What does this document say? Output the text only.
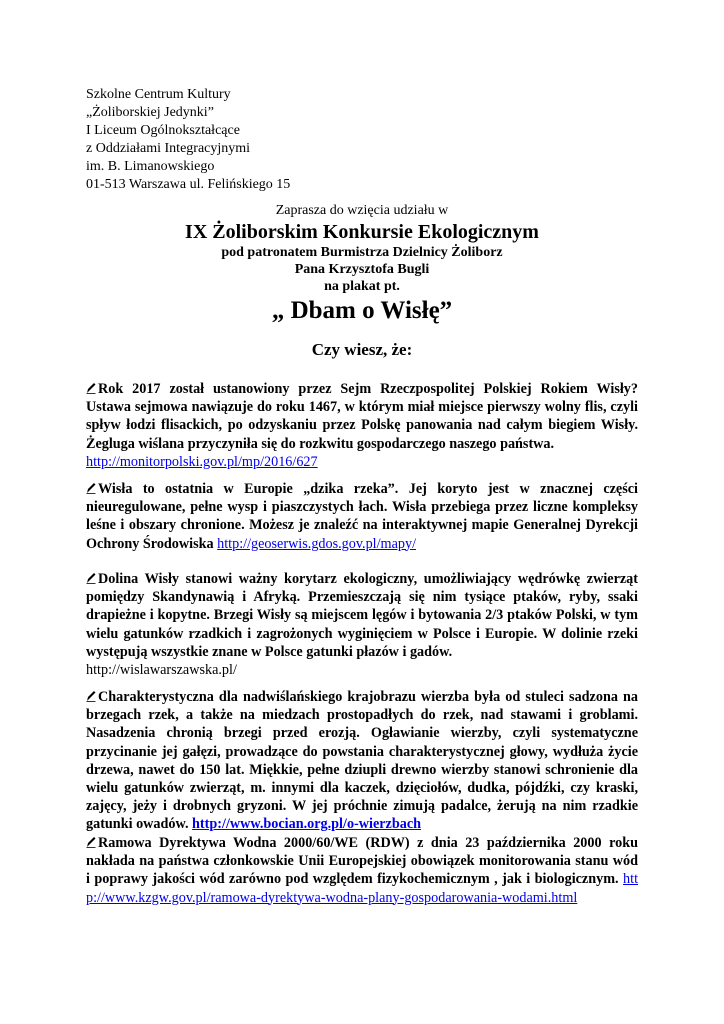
Szkolne Centrum Kultury
„Żoliborskiej Jedynki”
I Liceum Ogólnokształcące
z Oddziałami Integracyjnymi
im. B. Limanowskiego
01-513 Warszawa ul. Felińskiego 15
Zaprasza do wzięcia udziału w
IX Żoliborskim Konkursie Ekologicznym
pod patronatem Burmistrza Dzielnicy Żoliborz
Pana Krzysztofa Bugli
na plakat pt.
„ Dbam o Wisłę”
Czy wiesz, że:
Rok 2017 został ustanowiony przez Sejm Rzeczpospolitej Polskiej Rokiem Wisły? Ustawa sejmowa nawiązuje do roku 1467, w którym miał miejsce pierwszy wolny flis, czyli spływ łodzi flisackich, po odzyskaniu przez Polskę panowania nad całym biegiem Wisły. Żegluga wiślana przyczyniła się do rozkwitu gospodarczego naszego państwa.
http://monitorpolski.gov.pl/mp/2016/627
Wisła to ostatnia w Europie „dzika rzeka”. Jej koryto jest w znacznej części nieuregulowane, pełne wysp i piaszczystych łach. Wisła przebiega przez liczne kompleksy leśne i obszary chronione. Możesz je znaleźć na interaktywnej mapie Generalnej Dyrekcji Ochrony Środowiska http://geoserwis.gdos.gov.pl/mapy/
Dolina Wisły stanowi ważny korytarz ekologiczny, umożliwiający wędrówkę zwierząt pomiędzy Skandynawią i Afryką. Przemieszczają się nim tysiące ptaków, ryby, ssaki drapieżne i kopytne. Brzegi Wisły są miejscem lęgów i bytowania 2/3 ptaków Polski, w tym wielu gatunków rzadkich i zagrożonych wyginięciem w Polsce i Europie. W dolinie rzeki występują wszystkie znane w Polsce gatunki płazów i gadów.
http://wislawarszawska.pl/
Charakterystyczna dla nadwiślańskiego krajobrazu wierzba była od stuleci sadzona na brzegach rzek, a także na miedzach prostopadłych do rzek, nad stawami i groblami. Nasadzenia chronią brzegi przed erozją. Ogławianie wierzby, czyli systematyczne przycinanie jej gałęzi, prowadzące do powstania charakterystycznej głowy, wydłuża życie drzewa, nawet do 150 lat. Miękkie, pełne dziupli drewno wierzby stanowi schronienie dla wielu gatunków zwierząt, m. innymi dla kaczek, dzięciołów, dudka, pójdźki, czy kraski, zajęcy, jeży i drobnych gryzoni. W jej próchnie zimują padalce, żerują na nim rzadkie gatunki owadów. http://www.bocian.org.pl/o-wierzbach
Ramowa Dyrektywa Wodna 2000/60/WE (RDW) z dnia 23 października 2000 roku nakłada na państwa członkowskie Unii Europejskiej obowiązek monitorowania stanu wód i poprawy jakości wód zarówno pod względem fizykochemicznym , jak i biologicznym. http://www.kzgw.gov.pl/ramowa-dyrektywa-wodna-plany-gospodarowania-wodami.html
